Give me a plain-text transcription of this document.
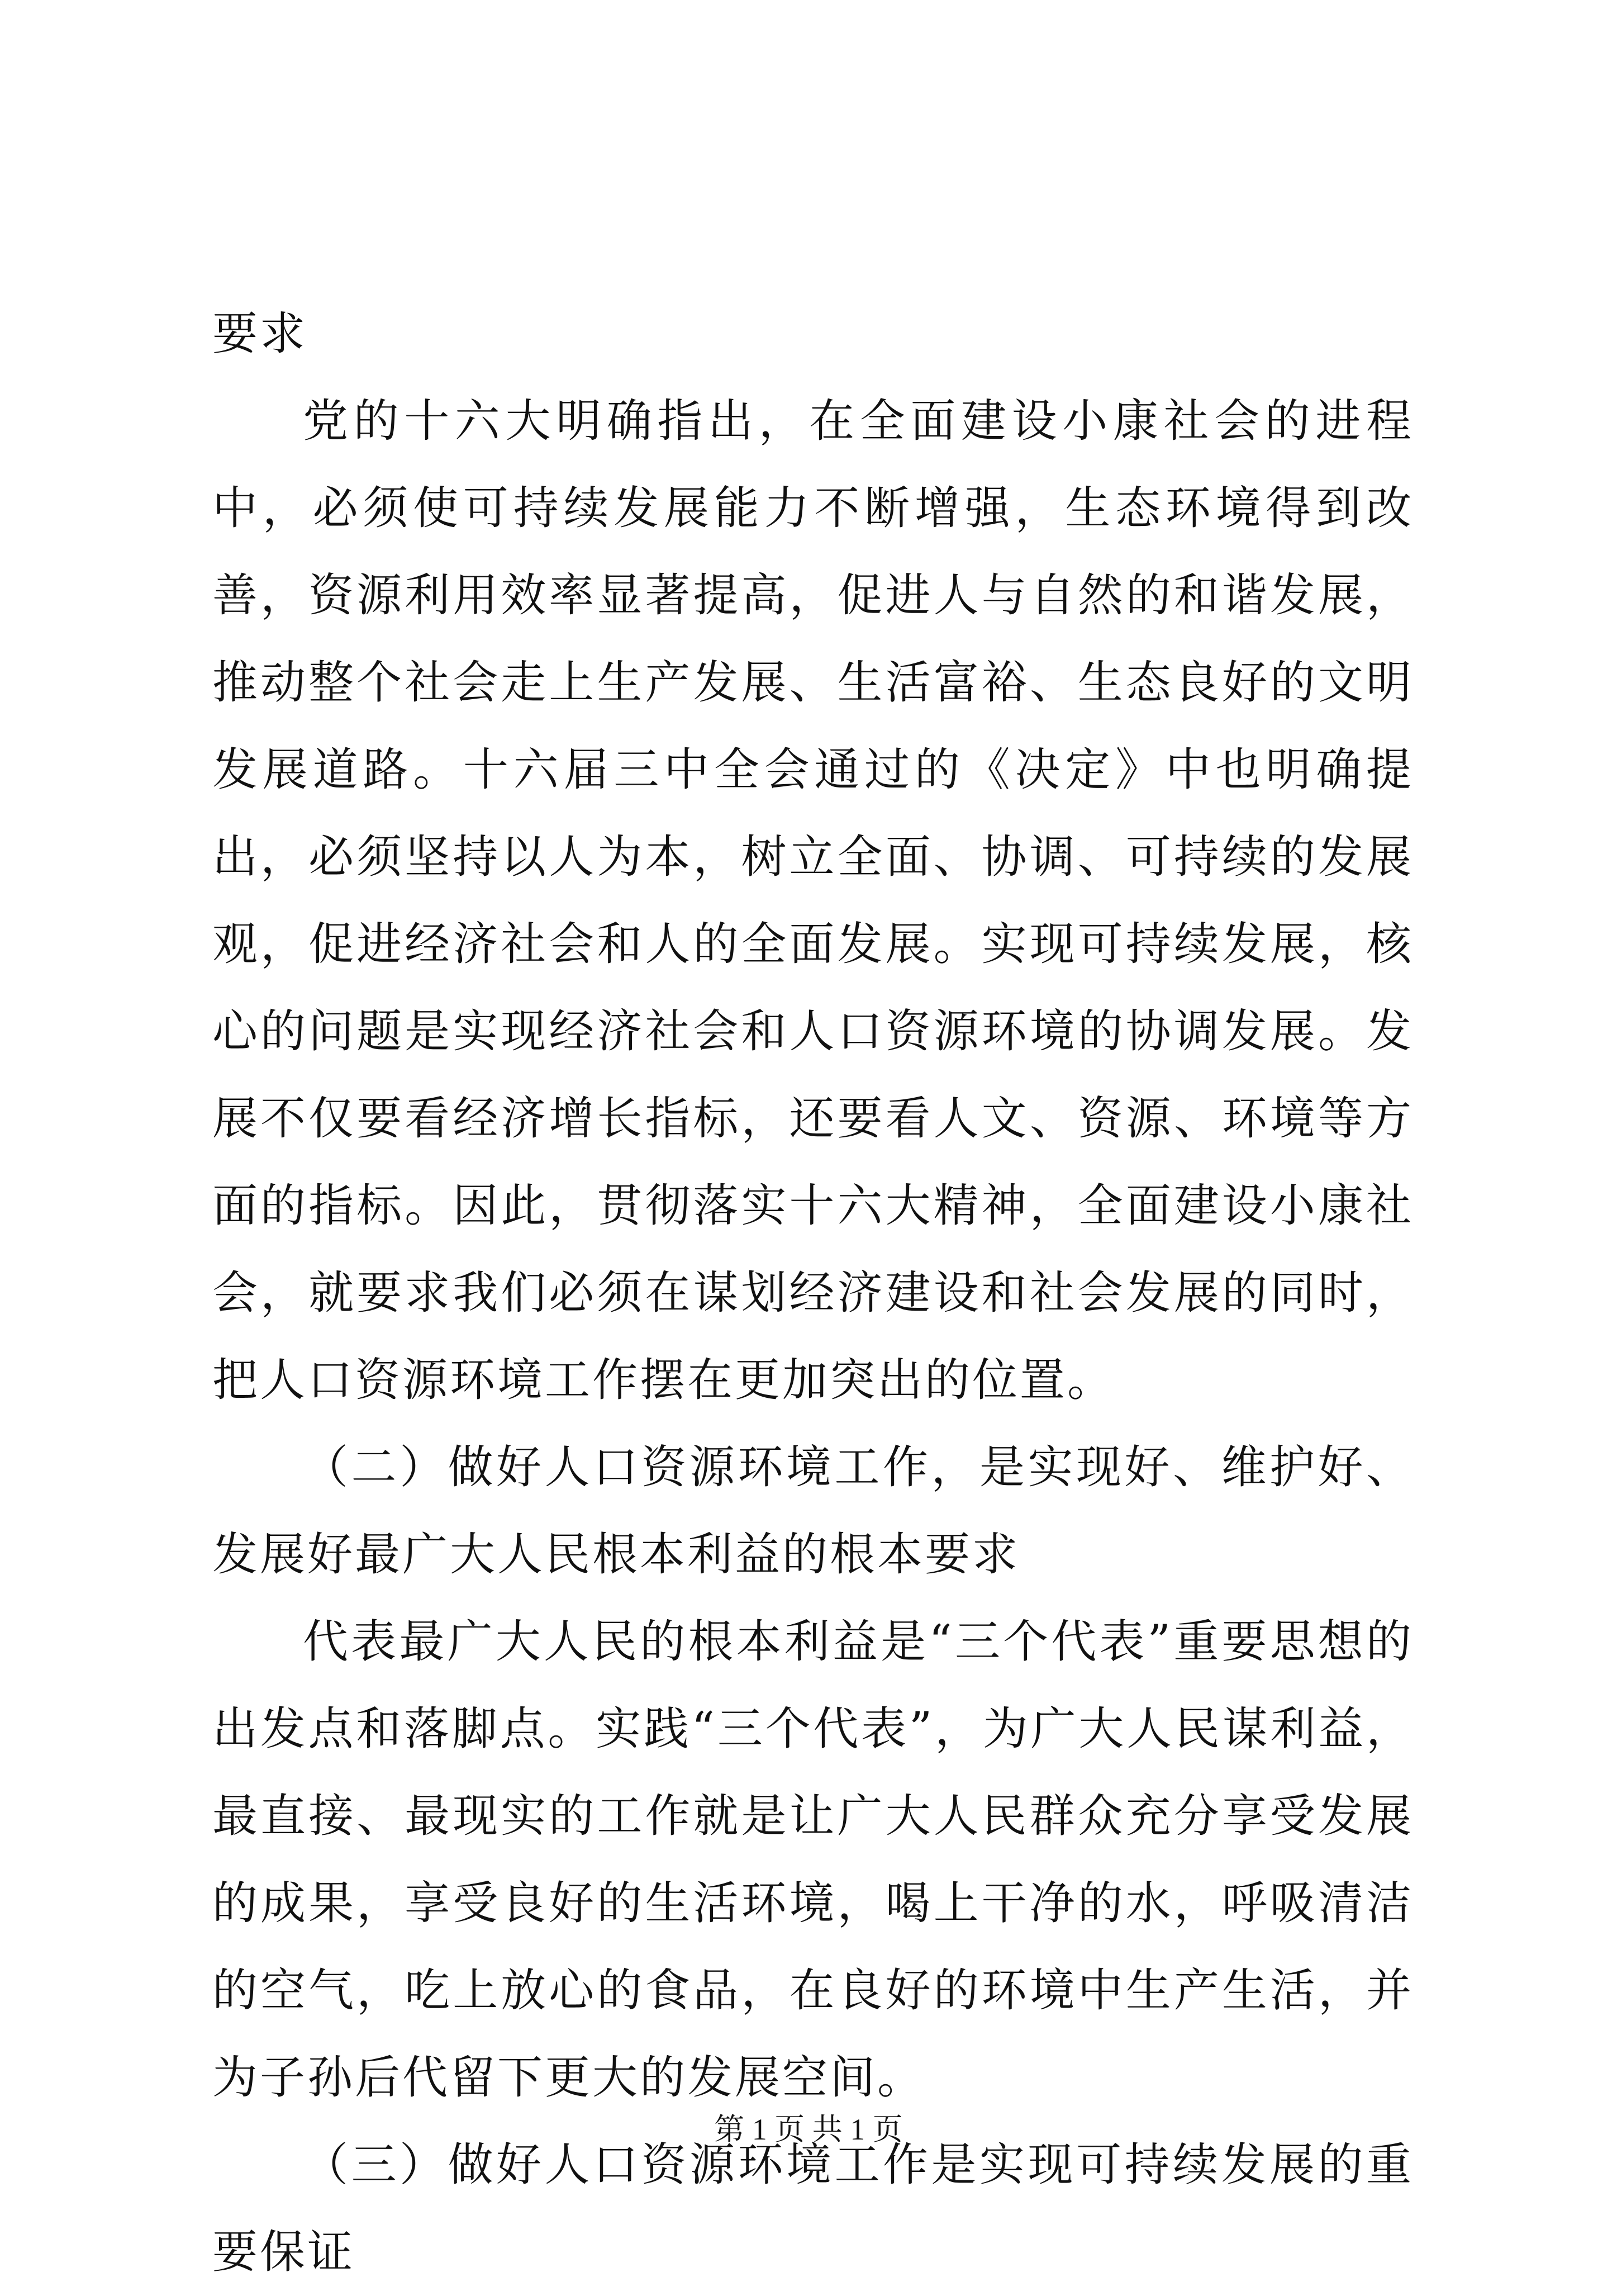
要求

党的十六大明确指出，在全面建设小康社会的进程中，必须使可持续发展能力不断增强，生态环境得到改善，资源利用效率显著提高，促进人与自然的和谐发展，推动整个社会走上生产发展、生活富裕、生态良好的文明发展道路。十六届三中全会通过的《决定》中也明确提出，必须坚持以人为本，树立全面、协调、可持续的发展观，促进经济社会和人的全面发展。实现可持续发展，核心的问题是实现经济社会和人口资源环境的协调发展。发展不仅要看经济增长指标，还要看人文、资源、环境等方面的指标。因此，贯彻落实十六大精神，全面建设小康社会，就要求我们必须在谋划经济建设和社会发展的同时，把人口资源环境工作摆在更加突出的位置。

（二）做好人口资源环境工作，是实现好、维护好、发展好最广大人民根本利益的根本要求

代表最广大人民的根本利益是“三个代表”重要思想的出发点和落脚点。实践“三个代表”，为广大人民谋利益，最直接、最现实的工作就是让广大人民群众充分享受发展的成果，享受良好的生活环境，喝上干净的水，呼吸清洁的空气，吃上放心的食品，在良好的环境中生产生活，并为子孙后代留下更大的发展空间。

（三）做好人口资源环境工作是实现可持续发展的重要保证

第 1 页 共 1 页
